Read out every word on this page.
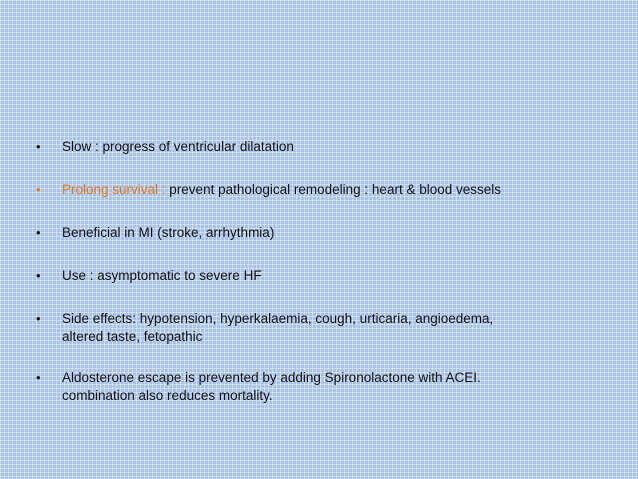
• Slow : progress of ventricular dilatation
• Prolong survival : prevent pathological remodeling : heart & blood vessels
• Beneficial in MI (stroke, arrhythmia)
• Use : asymptomatic to severe HF
• Side effects: hypotension, hyperkalaemia, cough, urticaria, angioedema,
altered taste, fetopathic
• Aldosterone escape is prevented by adding Spironolactone with ACEI.
combination also reduces mortality.
